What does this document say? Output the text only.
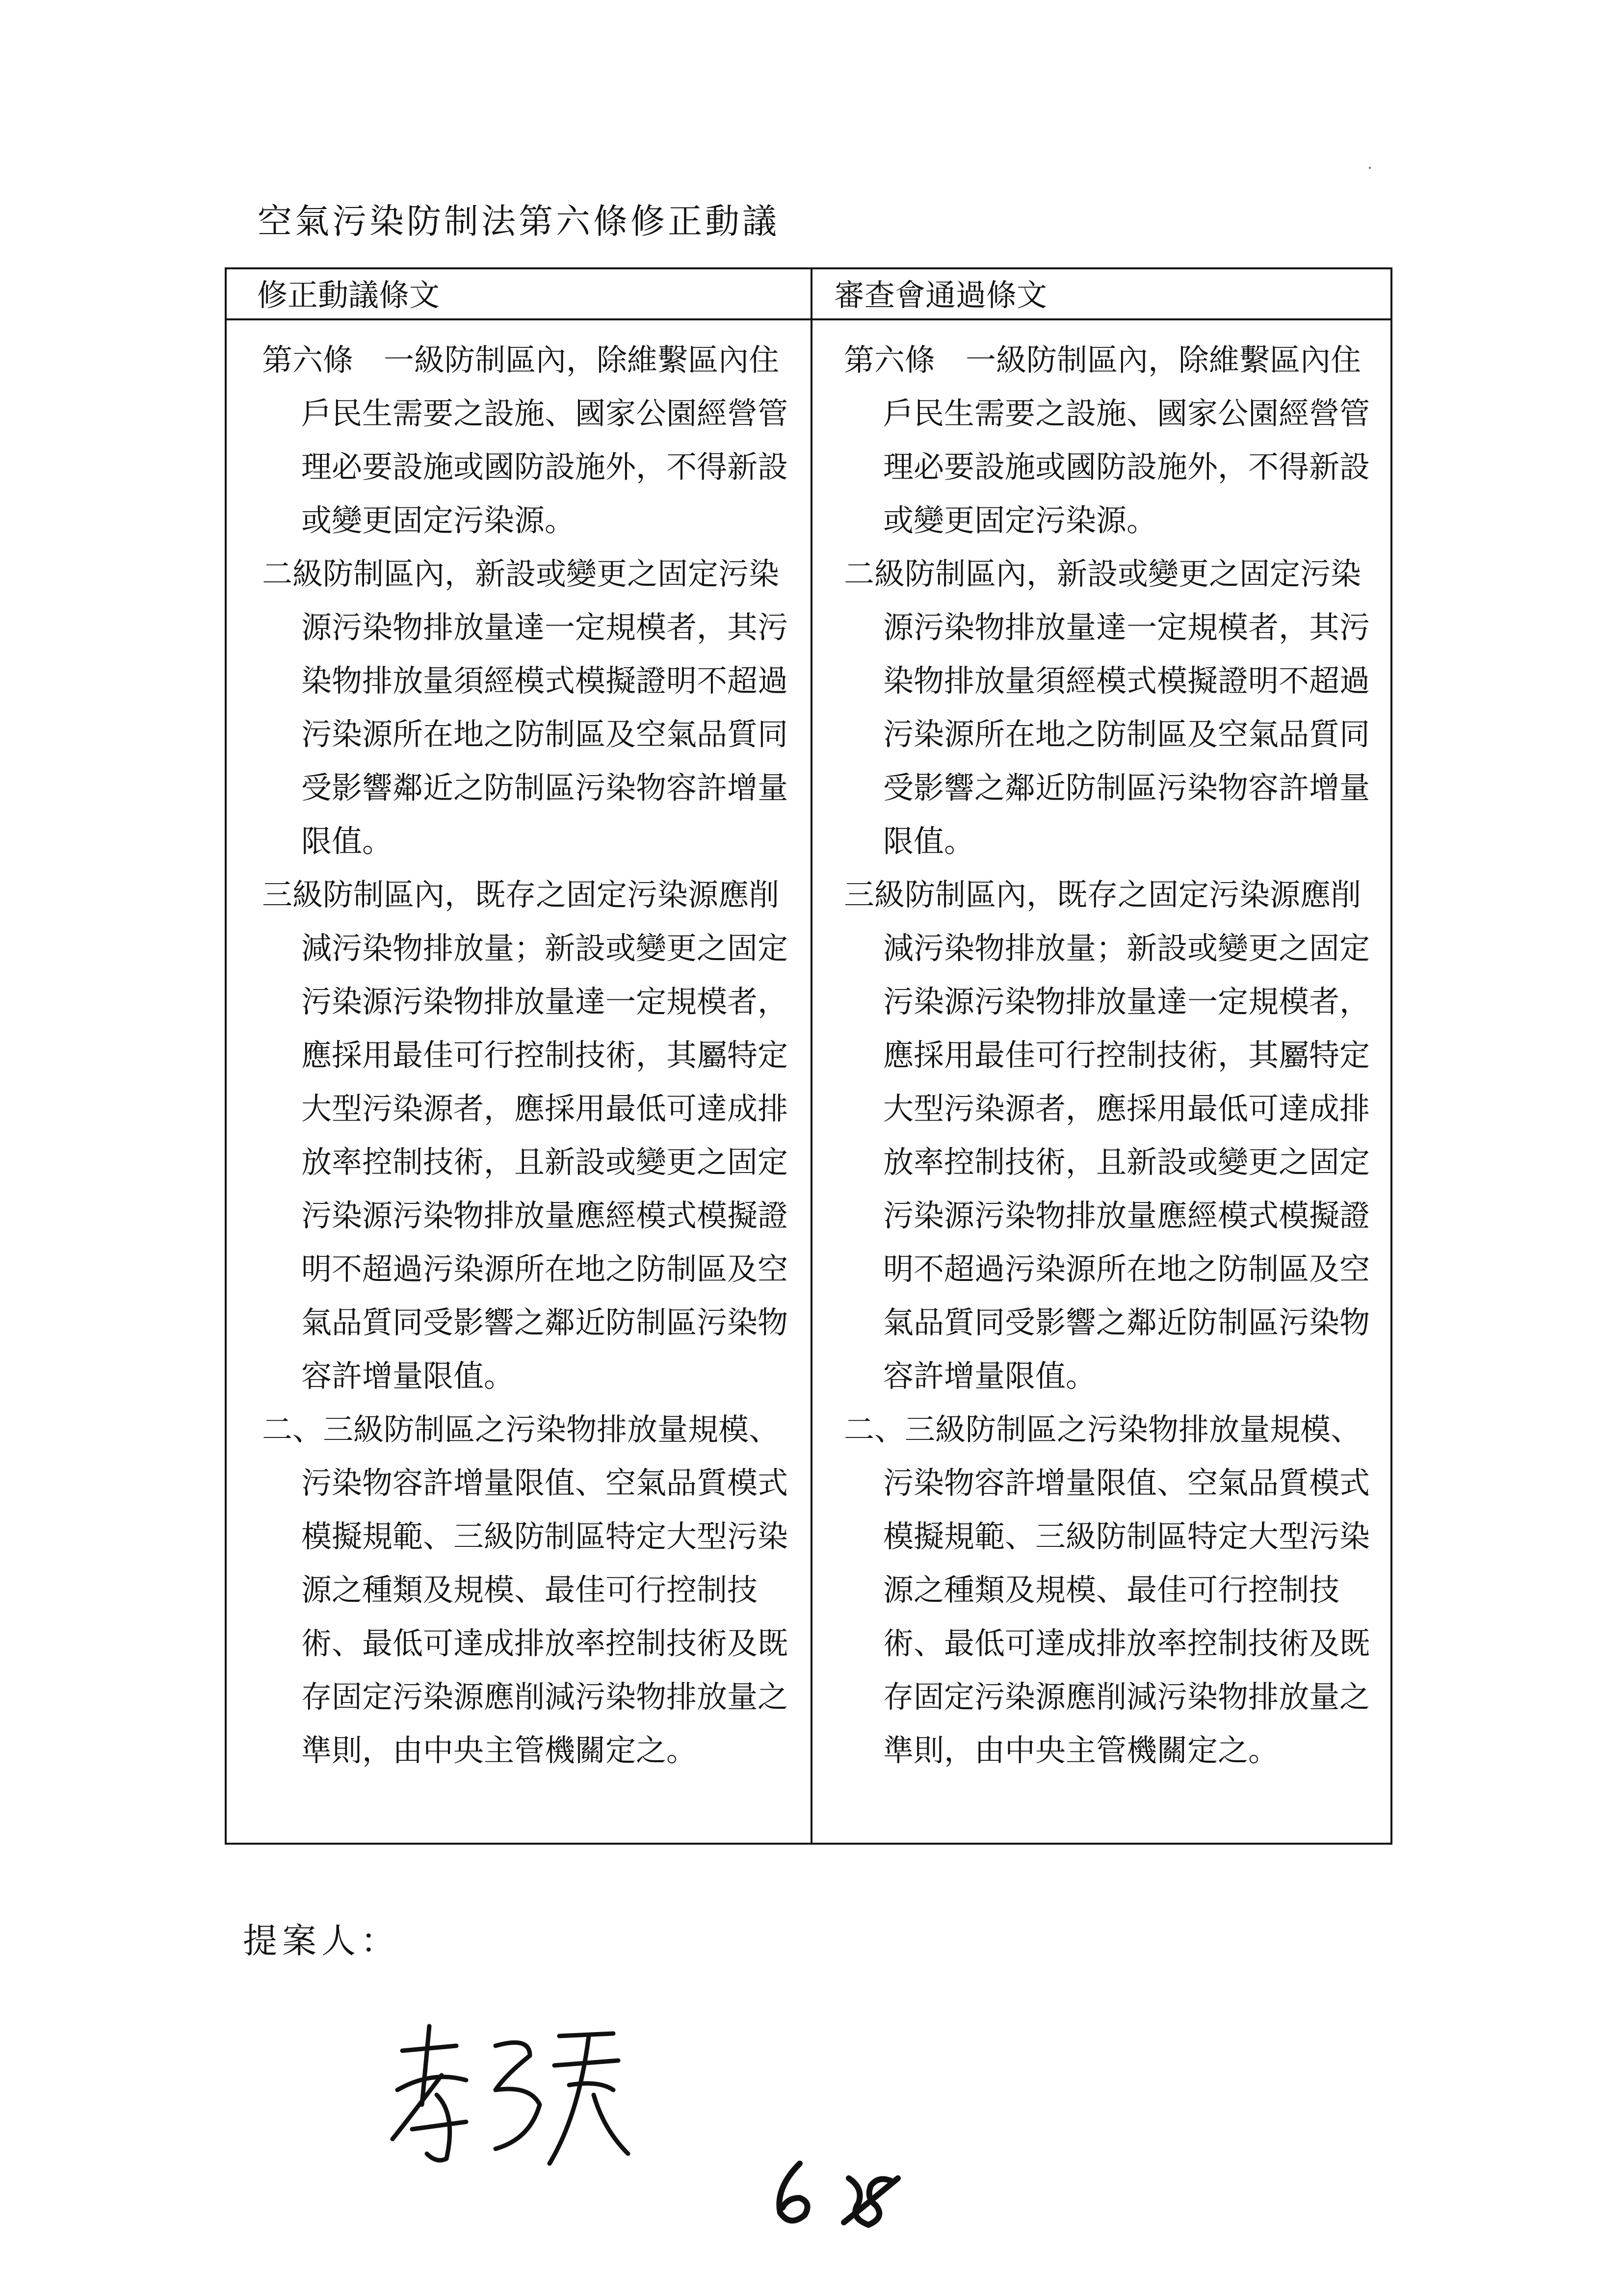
空氣污染防制法第六條修正動議
修正動議條文	審查會通過條文

第六條　一級防制區內，除維繫區內住戶民生需要之設施、國家公園經營管理必要設施或國防設施外，不得新設或變更固定污染源。

二級防制區內，新設或變更之固定污染源污染物排放量達一定規模者，其污染物排放量須經模式模擬證明不超過污染源所在地之防制區及空氣品質同受影響鄰近之防制區污染物容許增量限值。

三級防制區內，既存之固定污染源應削減污染物排放量；新設或變更之固定污染源污染物排放量達一定規模者，應採用最佳可行控制技術，其屬特定大型污染源者，應採用最低可達成排放率控制技術，且新設或變更之固定污染源污染物排放量應經模式模擬證明不超過污染源所在地之防制區及空氣品質同受影響之鄰近防制區污染物容許增量限值。

二、三級防制區之污染物排放量規模、污染物容許增量限值、空氣品質模式模擬規範、三級防制區特定大型污染源之種類及規模、最佳可行控制技術、最低可達成排放率控制技術及既存固定污染源應削減污染物排放量之準則，由中央主管機關定之。

第六條　一級防制區內，除維繫區內住戶民生需要之設施、國家公園經營管理必要設施或國防設施外，不得新設或變更固定污染源。

二級防制區內，新設或變更之固定污染源污染物排放量達一定規模者，其污染物排放量須經模式模擬證明不超過污染源所在地之防制區及空氣品質同受影響之鄰近防制區污染物容許增量限值。

三級防制區內，既存之固定污染源應削減污染物排放量；新設或變更之固定污染源污染物排放量達一定規模者，應採用最佳可行控制技術，其屬特定大型污染源者，應採用最低可達成排放率控制技術，且新設或變更之固定污染源污染物排放量應經模式模擬證明不超過污染源所在地之防制區及空氣品質同受影響之鄰近防制區污染物容許增量限值。

二、三級防制區之污染物排放量規模、污染物容許增量限值、空氣品質模式模擬規範、三級防制區特定大型污染源之種類及規模、最佳可行控制技術、最低可達成排放率控制技術及既存固定污染源應削減污染物排放量之準則，由中央主管機關定之。

提案人：
